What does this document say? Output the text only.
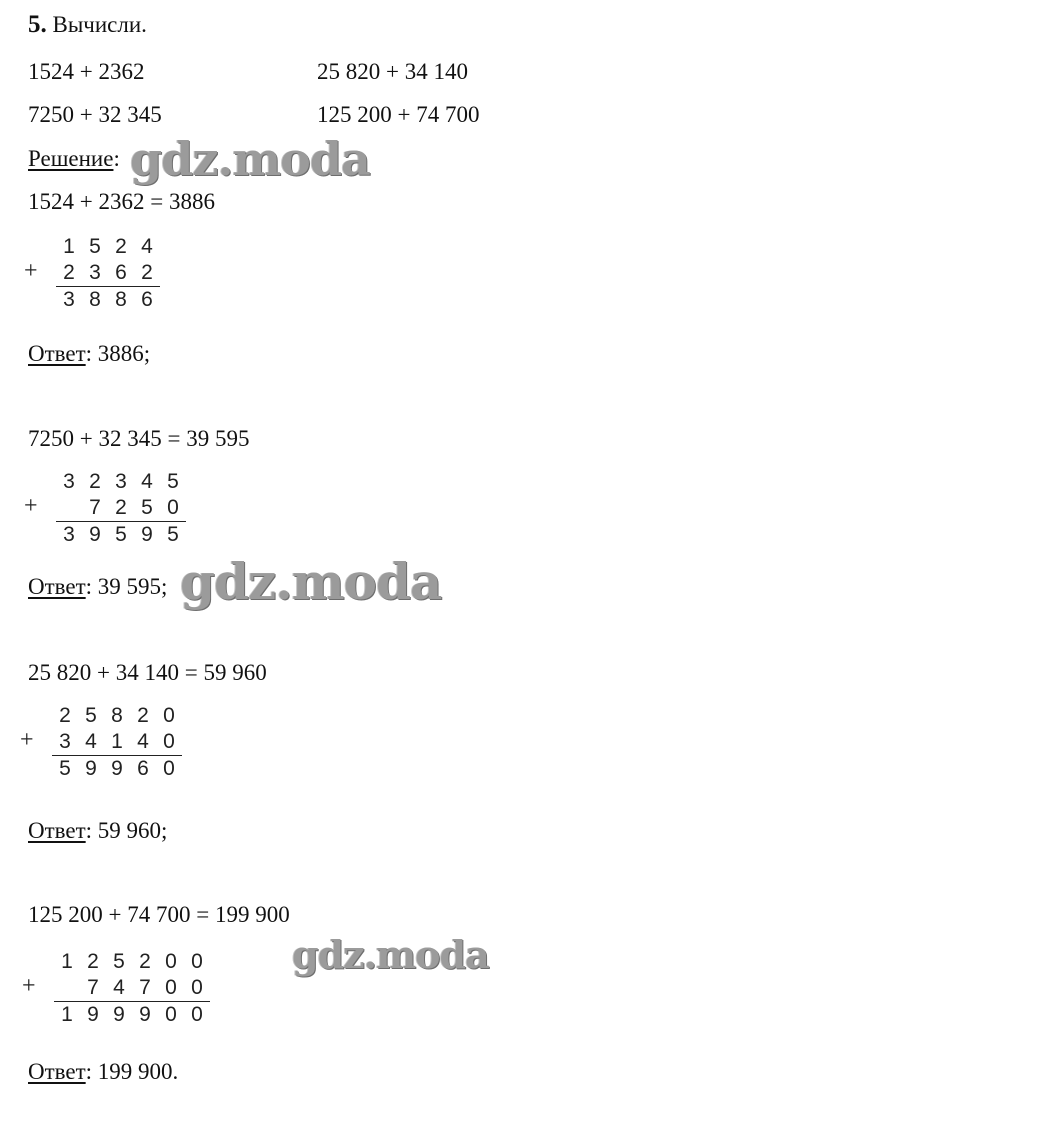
5. Вычисли.
1524 + 2362	25 820 + 34 140
7250 + 32 345	125 200 + 74 700
Решение:
1524 + 2362 = 3886
+
1 5 2 4
2 3 6 2
3 8 8 6
Ответ: 3886;
7250 + 32 345 = 39 595
+
3 2 3 4 5
7 2 5 0
3 9 5 9 5
Ответ: 39 595;
25 820 + 34 140 = 59 960
+
2 5 8 2 0
3 4 1 4 0
5 9 9 6 0
Ответ: 59 960;
125 200 + 74 700 = 199 900
+
1 2 5 2 0 0
7 4 7 0 0
1 9 9 9 0 0
Ответ: 199 900.
gdz.moda
gdz.moda
gdz.moda
